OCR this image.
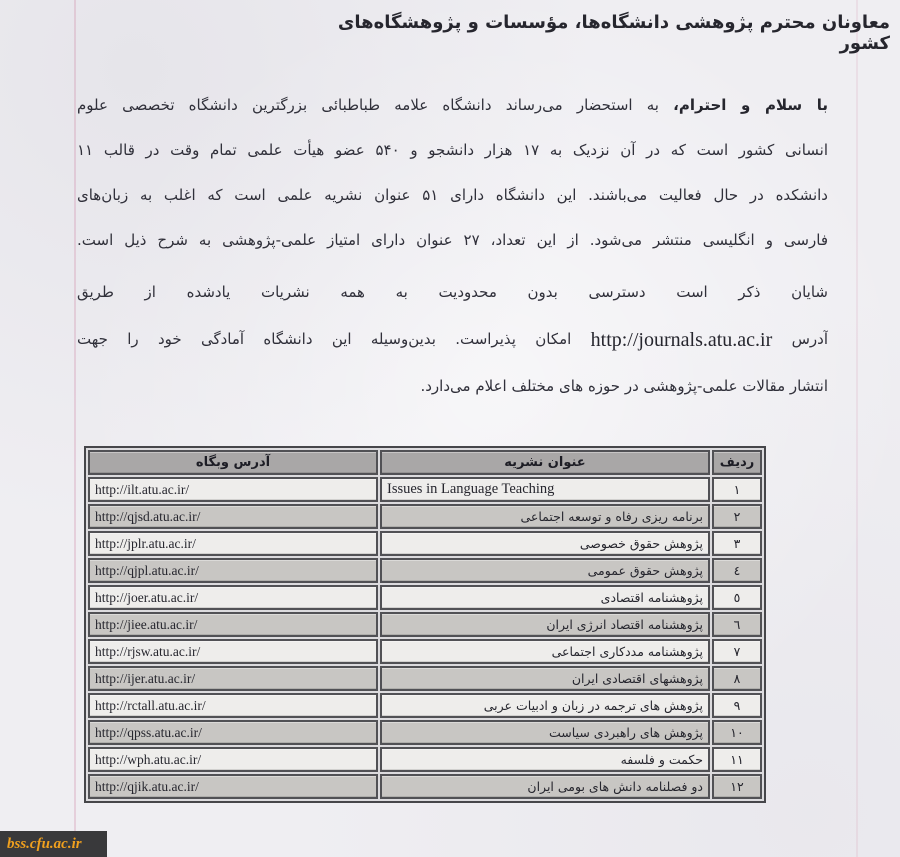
معاونان محترم پژوهشی دانشگاه‌ها، مؤسسات و پژوهشگاه‌های کشور
با سلام و احترام، به استحضار می‌رساند دانشگاه علامه طباطبائی بزرگترین دانشگاه تخصصی علوم
انسانی کشور است که در آن نزدیک به ۱۷ هزار دانشجو و ۵۴۰ عضو هیأت علمی تمام وقت در قالب ۱۱
دانشکده در حال فعالیت می‌باشند. این دانشگاه دارای ۵۱ عنوان نشریه علمی است که اغلب به زبان‌های
فارسی و انگلیسی منتشر می‌شود. از این تعداد، ۲۷ عنوان دارای امتیاز علمی-پژوهشی به شرح ذیل است.
شایان ذکر است دسترسی بدون محدودیت به همه نشریات یادشده از طریق
آدرس http://journals.atu.ac.ir امکان پذیراست. بدین‌وسیله این دانشگاه آمادگی خود را جهت
انتشار مقالات علمی-پژوهشی در حوزه های مختلف اعلام می‌دارد.
ردیف	عنوان نشریه	آدرس وبگاه
١	Issues in Language Teaching	http://ilt.atu.ac.ir/
٢	برنامه ریزی رفاه و توسعه اجتماعی	http://qjsd.atu.ac.ir/
٣	پژوهش حقوق خصوصی	http://jplr.atu.ac.ir/
٤	پژوهش حقوق عمومی	http://qjpl.atu.ac.ir/
٥	پژوهشنامه اقتصادی	http://joer.atu.ac.ir/
٦	پژوهشنامه اقتصاد انرژی ایران	http://jiee.atu.ac.ir/
٧	پژوهشنامه مددکاری اجتماعی	http://rjsw.atu.ac.ir/
٨	پژوهشهای اقتصادی ایران	http://ijer.atu.ac.ir/
٩	پژوهش های ترجمه در زبان و ادبیات عربی	http://rctall.atu.ac.ir/
١٠	پژوهش های راهبردی سیاست	http://qpss.atu.ac.ir/
١١	حکمت و فلسفه	http://wph.atu.ac.ir/
١٢	دو فصلنامه دانش های بومی ایران	http://qjik.atu.ac.ir/
bss.cfu.ac.ir
